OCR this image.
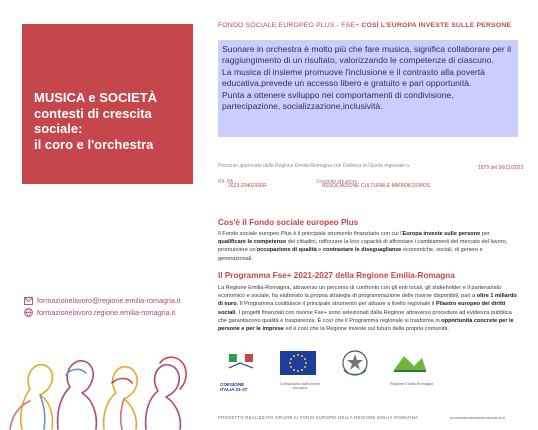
MUSICA e SOCIETÀ
contesti di crescita
sociale:
il coro e l'orchestra
FONDO SOCIALE EUROPEO PLUS - FSE+ COSÌ L'EUROPA INVESTE SULLE PERSONE

Suonare in orchestra è molto più che fare musica, significa collaborare per il raggiungimento di un risultato, valorizzando le competenze di ciascuno.

La musica di insieme promuove l'inclusione e il contrasto alla povertà educativa,prevede un accesso libero e gratuito e pari opportunità.

Punta a ottenere sviluppo nei comportamenti di condivisione, partecipazione, socializzazione,inclusività.

Percorso approvato dalla Regione Emilia-Romagna con Delibera di Giunta regionale n.	1879 del 06/11/2023
Rif. PA
2023-20402/RER
Soggetto attuatore
ASSOCIAZIONE CULTURALE MIKROKOSMOS
Cos'è il Fondo sociale europeo Plus
Il Fondo sociale europeo Plus è il principale strumento finanziario con cui l'Europa investe sulle persone per qualificare le competenze dei cittadini, rafforzare la loro capacità di affrontare i cambiamenti del mercato del lavoro, promuovere un'occupazione di qualità e contrastare le diseguaglianze economiche, sociali, di genere e generazionali.
Il Programma Fse+ 2021-2027 della Regione Emilia-Romagna
La Regione Emilia-Romagna, attraverso un percorso di confronto con gli enti locali, gli stakeholder e il partenariato economico e sociale, ha elaborato la propria strategia di programmazione delle risorse disponibili, pari a oltre 1 miliardo di euro. Il Programma costituisce il principale strumento per attuare a livello regionale il Pilastro europeo dei diritti sociali. I progetti finanziati con risorse Fse+ sono selezionati dalla Regione attraverso procedure ad evidenza pubblica che garantiscono qualità e trasparenza. È così che il Programma regionale si trasforma in opportunità concrete per le persone e per le imprese ed è così che la Regione investe sul futuro della propria comunità.
formazionelavoro@regione.emilia-romagna.it
formazionelavoro.regione.emilia-romagna.it
COESIONE
ITALIA 21-27
Cofinanziato dall'Unione europea
Regione Emilia-Romagna
PROGETTO REALIZZATO GRAZIE AI FONDI EUROPEI DELLA REGIONE EMILIA-ROMAGNA	w.scuolamusicamikrokosmos.it
